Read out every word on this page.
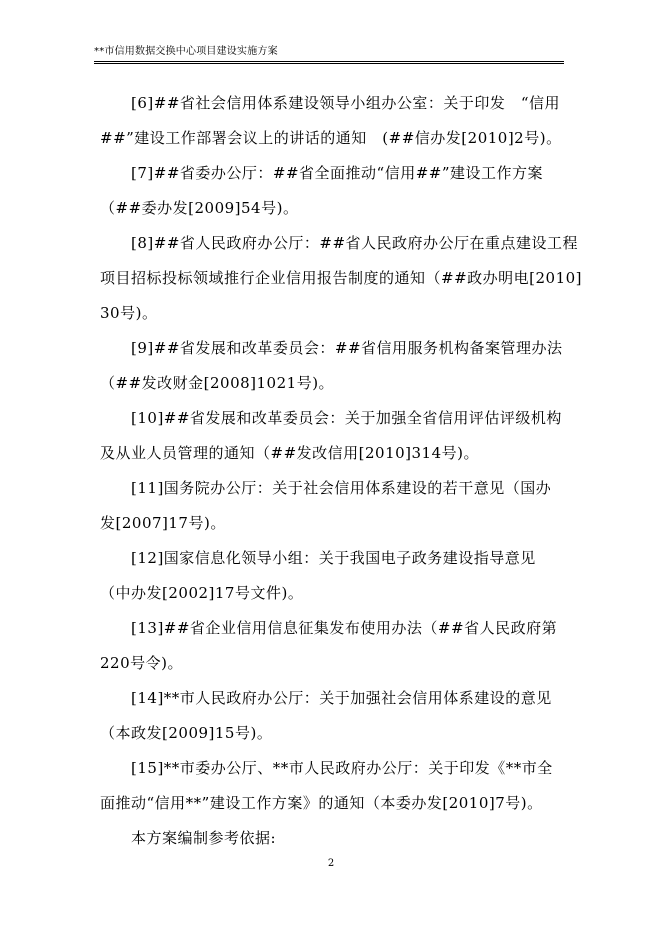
**市信用数据交换中心项目建设实施方案
[6]##省社会信用体系建设领导小组办公室：关于印发　“信用
##”建设工作部署会议上的讲话的通知　(##信办发[2010]2号)。
[7]##省委办公厅：##省全面推动“信用##”建设工作方案
（##委办发[2009]54号)。
[8]##省人民政府办公厅：##省人民政府办公厅在重点建设工程
项目招标投标领域推行企业信用报告制度的通知（##政办明电[2010]
30号)。
[9]##省发展和改革委员会：##省信用服务机构备案管理办法
（##发改财金[2008]1021号)。
[10]##省发展和改革委员会：关于加强全省信用评估评级机构
及从业人员管理的通知（##发改信用[2010]314号)。
[11]国务院办公厅：关于社会信用体系建设的若干意见（国办
发[2007]17号)。
[12]国家信息化领导小组：关于我国电子政务建设指导意见
（中办发[2002]17号文件)。
[13]##省企业信用信息征集发布使用办法（##省人民政府第
220号令)。
[14]**市人民政府办公厅：关于加强社会信用体系建设的意见
（本政发[2009]15号)。
[15]**市委办公厅、**市人民政府办公厅：关于印发《**市全
面推动“信用**”建设工作方案》的通知（本委办发[2010]7号)。
本方案编制参考依据:
2
